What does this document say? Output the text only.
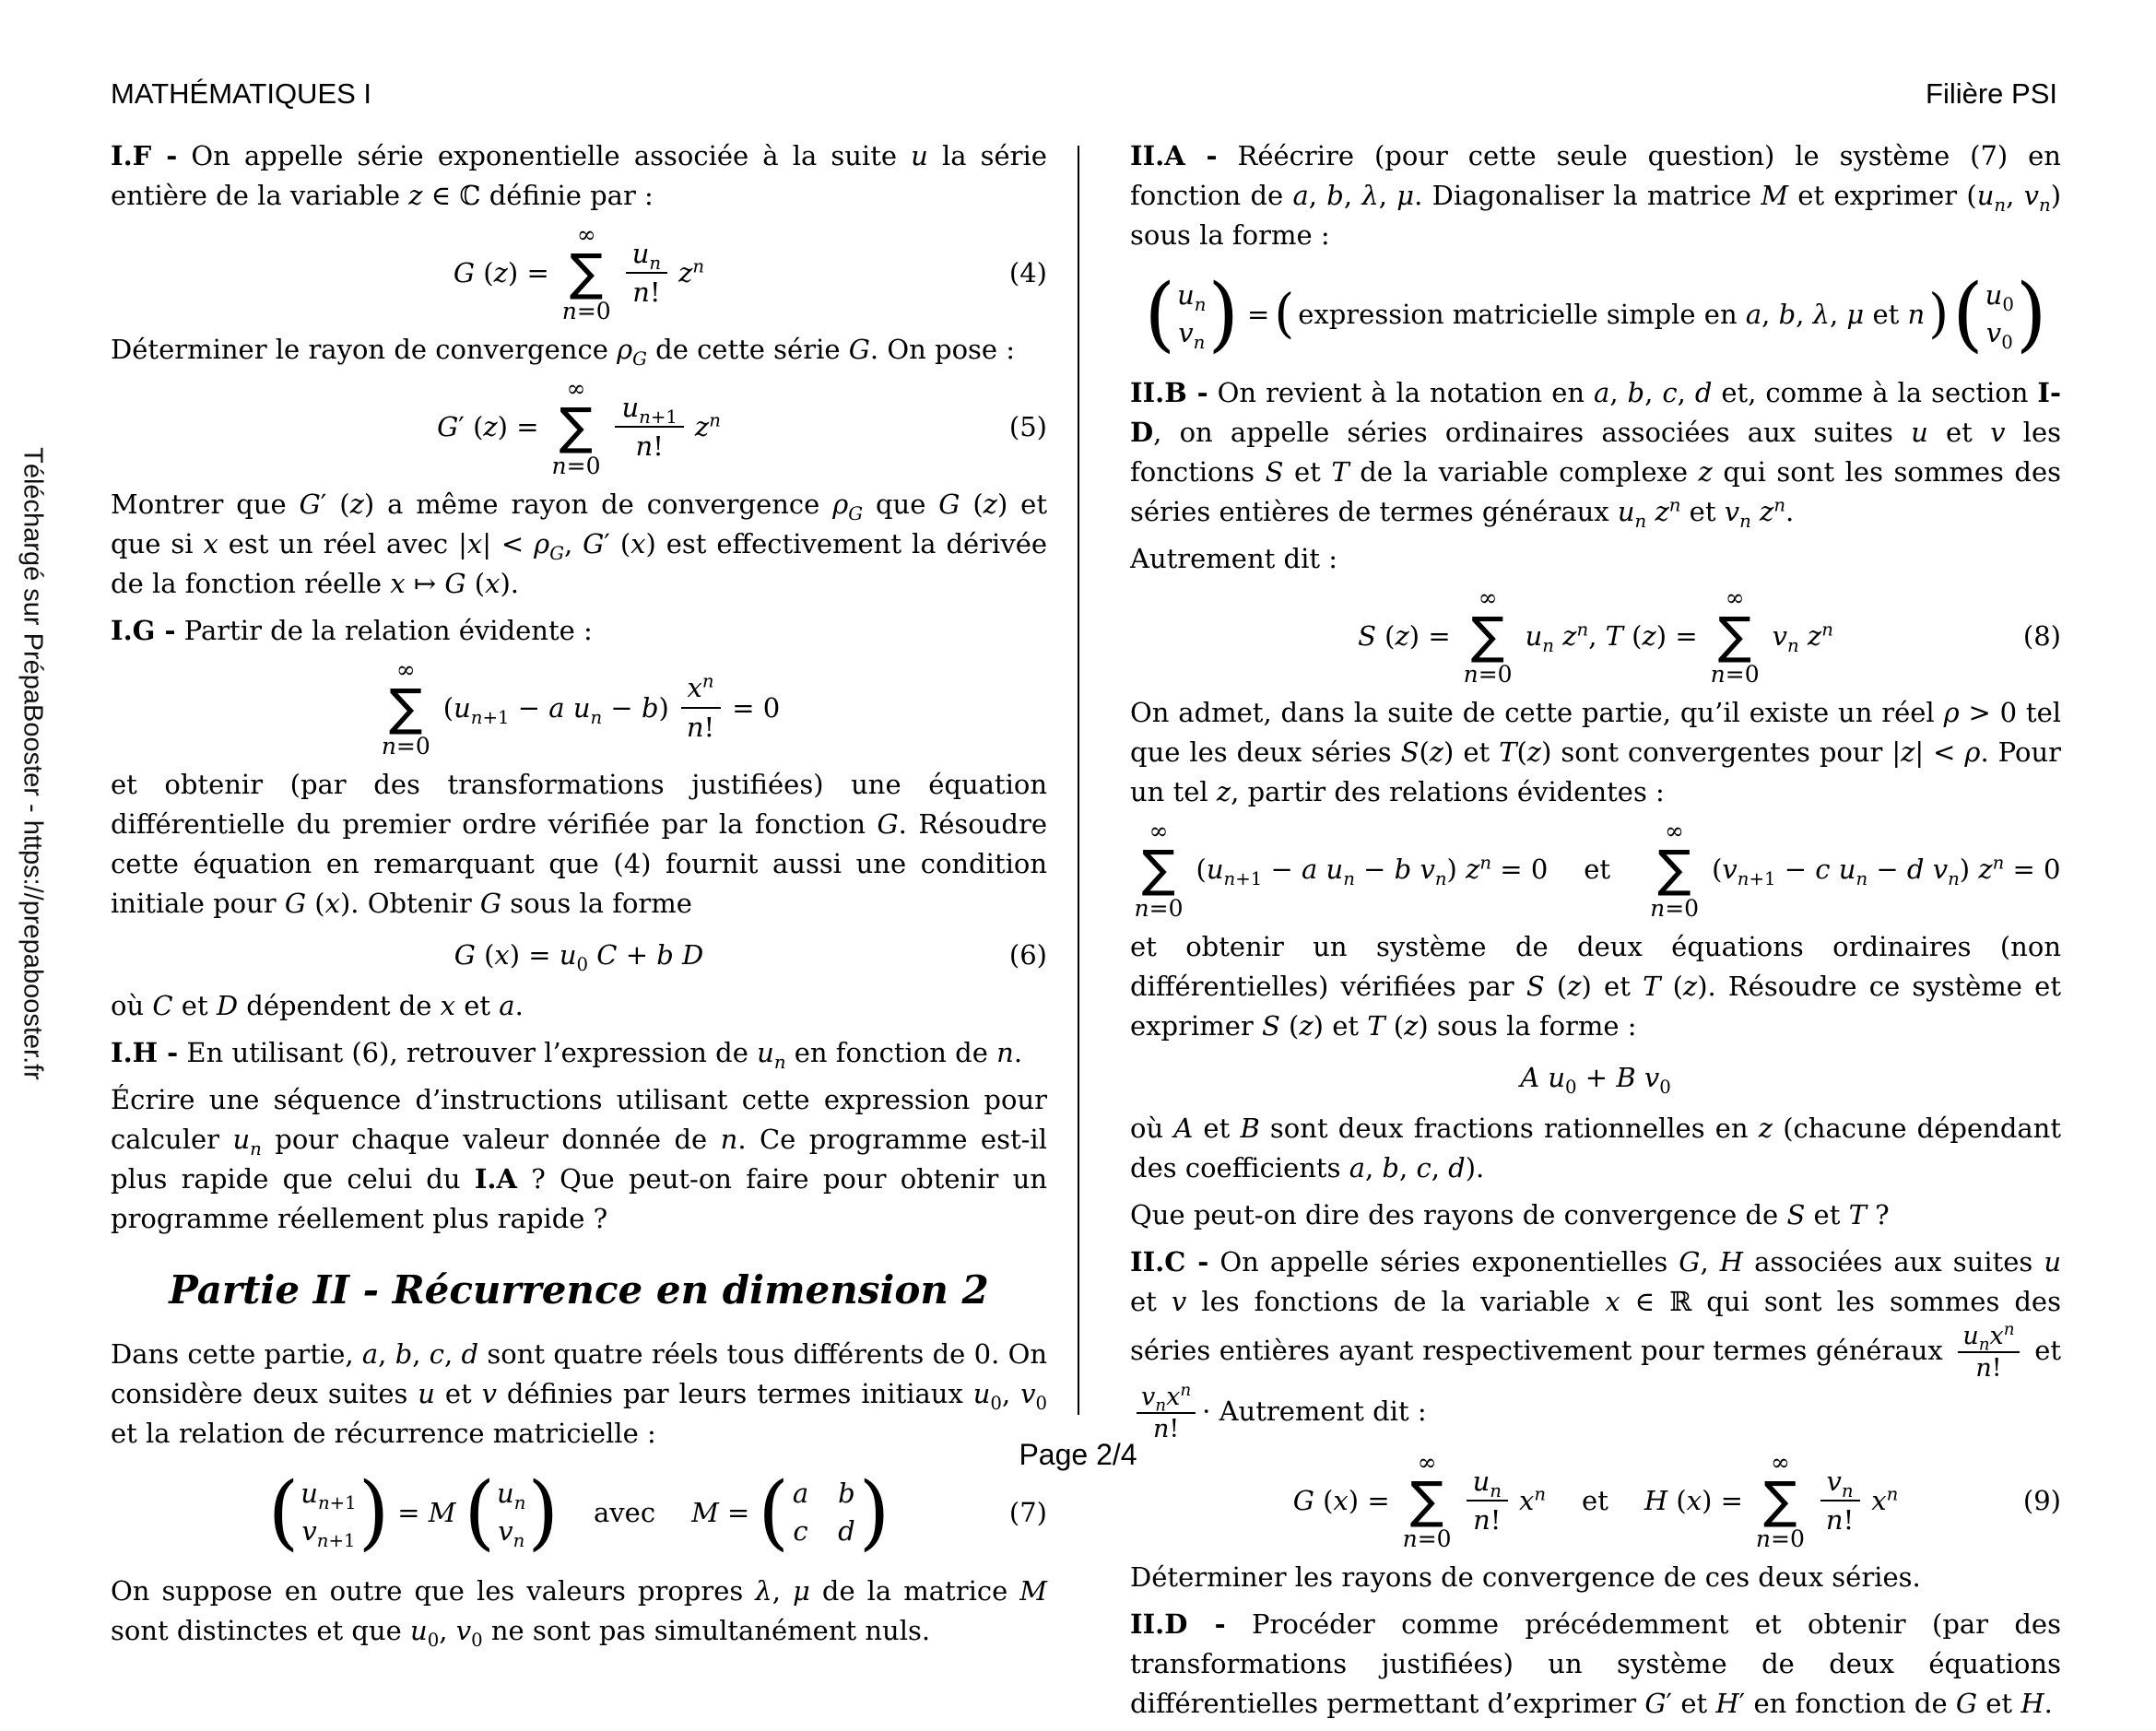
Téléchargé sur PrépaBooster - https://prepabooster.fr
MATHÉMATIQUES I	Filière PSI

I.F - On appelle série exponentielle associée à la suite u la série entière de la variable z ∈ ℂ définie par :

G (z) =
∞
∑
n=0
$\frac{u_n}{n!} z^n$	(4)

Déterminer le rayon de convergence $\rho_G$ de cette série G. On pose :

G′ (z) =
∞
∑
n=0
$\frac{u_{n+1}}{n!} z^n$	(5)

Montrer que G′ (z) a même rayon de convergence $\rho_G$ que G (z) et que si x est un réel avec $|x| < \rho_G$, G′ (x) est effectivement la dérivée de la fonction réelle x ↦ G (x).

I.G - Partir de la relation évidente :

∞
∑
n=0
($u_{n+1} - a$ $u_n - b) \frac{x^n}{n!} = 0$

et obtenir (par des transformations justifiées) une équation différentielle du premier ordre vérifiée par la fonction G. Résoudre cette équation en remarquant que (4) fournit aussi une condition initiale pour G (x). Obtenir G sous la forme

G $(x) = u_0$ C + b D	(6)

où C et D dépendent de x et a.

I.H - En utilisant (6), retrouver l’expression de $u_n$ en fonction de n.

Écrire une séquence d’instructions utilisant cette expression pour calculer $u_n$ pour chaque valeur donnée de n. Ce programme est-il plus rapide que celui du I.A ? Que peut-on faire pour obtenir un programme réellement plus rapide ?

Partie II - Récurrence en dimension 2

Dans cette partie, a, b, c, d sont quatre réels tous différents de 0. On considère deux suites u et v définies par leurs termes initiaux $u_0$, $v_0$ et la relation de récurrence matricielle :

( $u_{n+1}$
$v_{n+1}$ ) = M ( $u_n$
$v_n$ ) avec M = ( a b
c d )	(7)

On suppose en outre que les valeurs propres λ, μ de la matrice M sont distinctes et que $u_0$, $v_0$ ne sont pas simultanément nuls.

II.A - Réécrire (pour cette seule question) le système (7) en fonction de a, b, λ, μ. Diagonaliser la matrice M et exprimer ($u_n$, $v_n$) sous la forme :

( $u_n$
$v_n$ ) = ( expression matricielle simple en a, b, λ, μ et n ) ( $u_0$
$v_0$ )

II.B - On revient à la notation en a, b, c, d et, comme à la section I-D, on appelle séries ordinaires associées aux suites u et v les fonctions S et T de la variable complexe z qui sont les sommes des séries entières de termes généraux $u_n$ $z^n$ et $v_n$ $z^n$.

Autrement dit :

S (z) =
∞
∑
n=0
$u_n$ $z^n$, T (z) =
∞
∑
n=0
$v_n$ $z^n$	(8)

On admet, dans la suite de cette partie, qu’il existe un réel ρ > 0 tel que les deux séries S(z) et T(z) sont convergentes pour |z| < ρ. Pour un tel z, partir des relations évidentes :

∞
∑
n=0
($u_{n+1} - a$ $u_n - b$ $v_n$) $z^n = 0$ et
∞
∑
n=0
($v_{n+1} - c$ $u_n - d$ $v_n$) $z^n = 0$

et obtenir un système de deux équations ordinaires (non différentielles) vérifiées par S (z) et T (z). Résoudre ce système et exprimer S (z) et T (z) sous la forme :

A $u_0 + B$ $v_0$

où A et B sont deux fractions rationnelles en z (chacune dépendant des coefficients a, b, c, d).

Que peut-on dire des rayons de convergence de S et T ?

II.C - On appelle séries exponentielles G, H associées aux suites u et v les fonctions de la variable x ∈ ℝ qui sont les sommes des séries entières ayant respectivement pour termes généraux $u_nx^n$
n!
et
$v_nx^n$
n!
· Autrement dit :

G (x) =
∞
∑
n=0
$\frac{u_n}{n!} x^n$ et H (x) =
∞
∑
n=0
$\frac{v_n}{n!} x^n$	(9)

Déterminer les rayons de convergence de ces deux séries.

II.D - Procéder comme précédemment et obtenir (par des transformations justifiées) un système de deux équations différentielles permettant d’exprimer G′ et H′ en fonction de G et H.

Page 2/4
